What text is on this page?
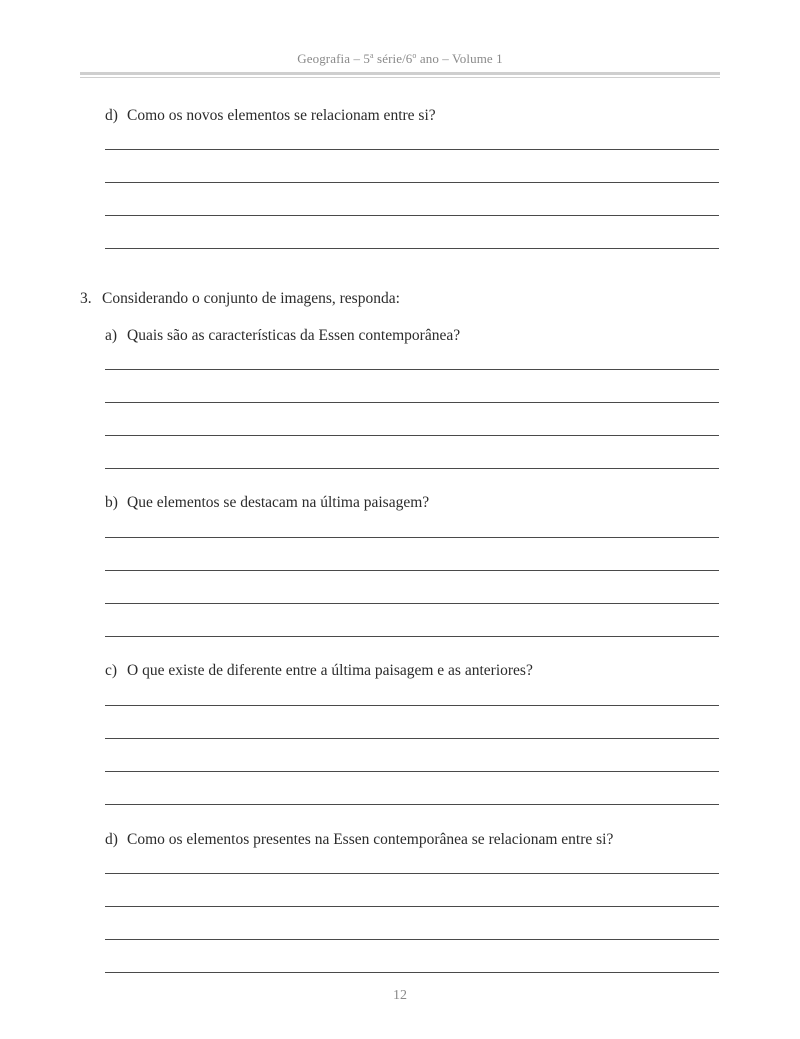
Geografia – 5$^a$ série/6$^o$ ano – Volume 1
d) Como os novos elementos se relacionam entre si?
3. Considerando o conjunto de imagens, responda:
a) Quais são as características da Essen contemporânea?
b) Que elementos se destacam na última paisagem?
c) O que existe de diferente entre a última paisagem e as anteriores?
d) Como os elementos presentes na Essen contemporânea se relacionam entre si?
12
